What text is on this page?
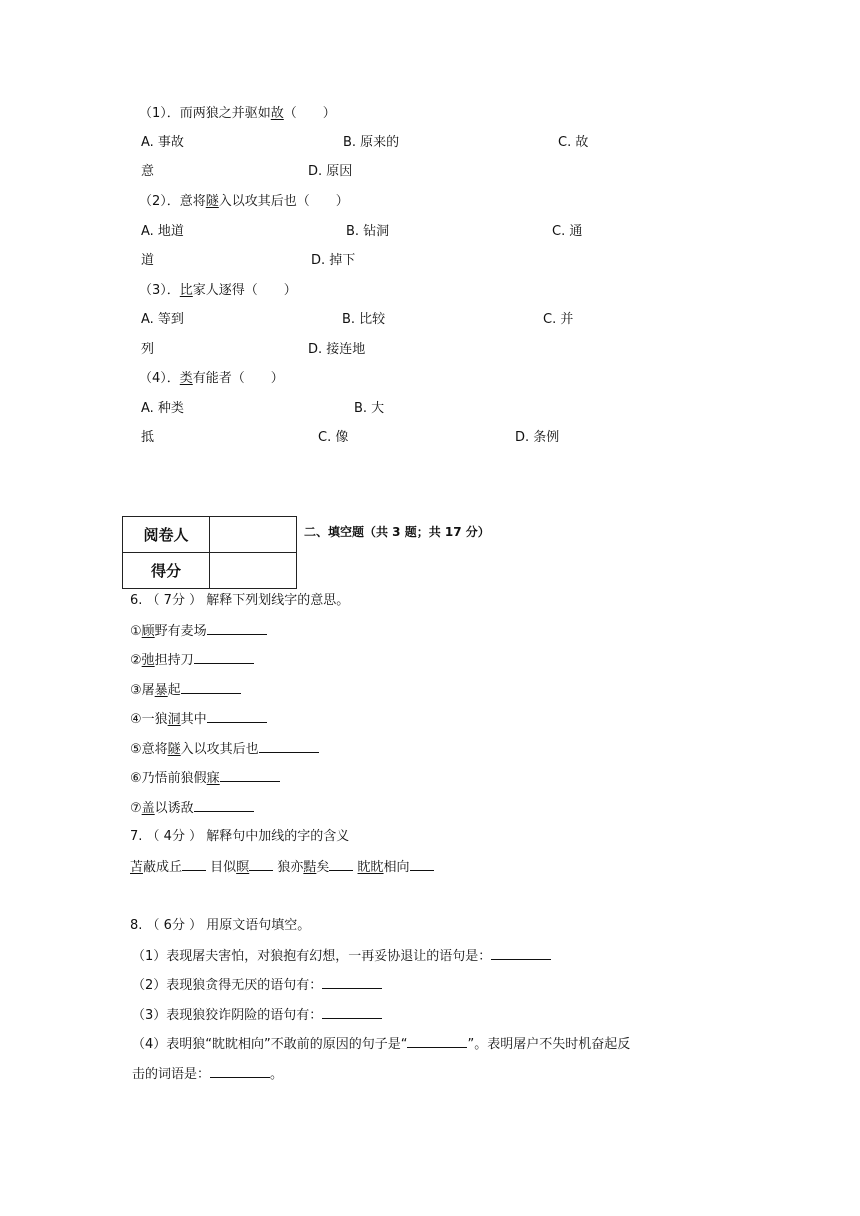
（1）．而两狼之并驱如故（　　）
A. 事故	B. 原来的	C. 故
意	D. 原因
（2）．意将隧入以攻其后也（　　）
A. 地道	B. 钻洞	C. 通
道	D. 掉下
（3）．比家人逐得（　　）
A. 等到	B. 比较	C. 并
列	D. 接连地
（4）．类有能者（　　）
A. 种类	B. 大
抵	C. 像	D. 条例
阅卷人	
得分	
二、填空题（共 3 题；共 17 分）
6. （ 7分 ） 解释下列划线字的意思。
①顾野有麦场
②弛担持刀
③屠暴起
④一狼洞其中
⑤意将隧入以攻其后也
⑥乃悟前狼假寐
⑦盖以诱敌
7. （ 4分 ） 解释句中加线的字的含义
苫蔽成丘 目似瞑 狼亦黠矣 眈眈相向
8. （ 6分 ） 用原文语句填空。
（1）表现屠夫害怕，对狼抱有幻想，一再妥协退让的语句是：
（2）表现狼贪得无厌的语句有：
（3）表现狼狡诈阴险的语句有：
（4）表明狼“眈眈相向”不敢前的原因的句子是“	”。表明屠户不失时机奋起反
击的词语是：	。
